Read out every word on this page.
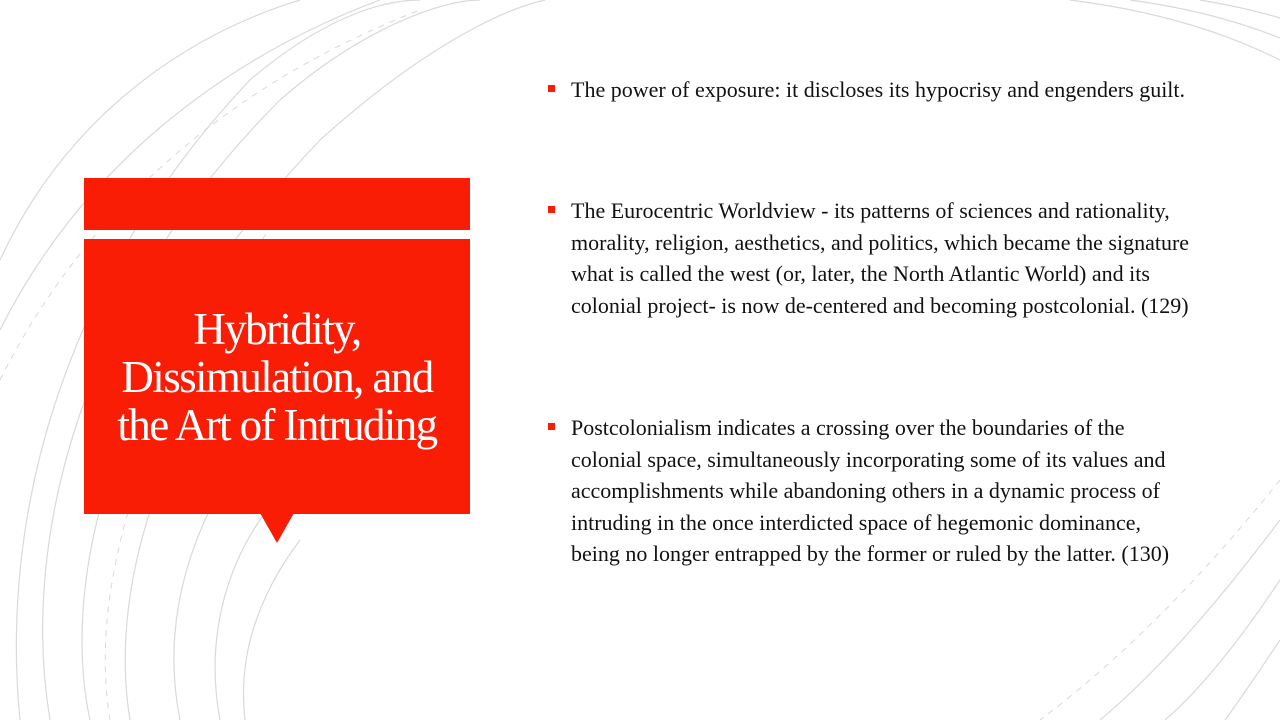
Hybridity, Dissimulation, and the Art of Intruding
The power of exposure: it discloses its hypocrisy and engenders guilt.
The Eurocentric Worldview - its patterns of sciences and rationality, morality, religion, aesthetics, and politics, which became the signature what is called the west (or, later, the North Atlantic World) and its colonial project- is now de-centered and becoming postcolonial. (129)
Postcolonialism indicates a crossing over the boundaries of the colonial space, simultaneously incorporating some of its values and accomplishments while abandoning others in a dynamic process of intruding in the once interdicted space of hegemonic dominance, being no longer entrapped by the former or ruled by the latter. (130)
